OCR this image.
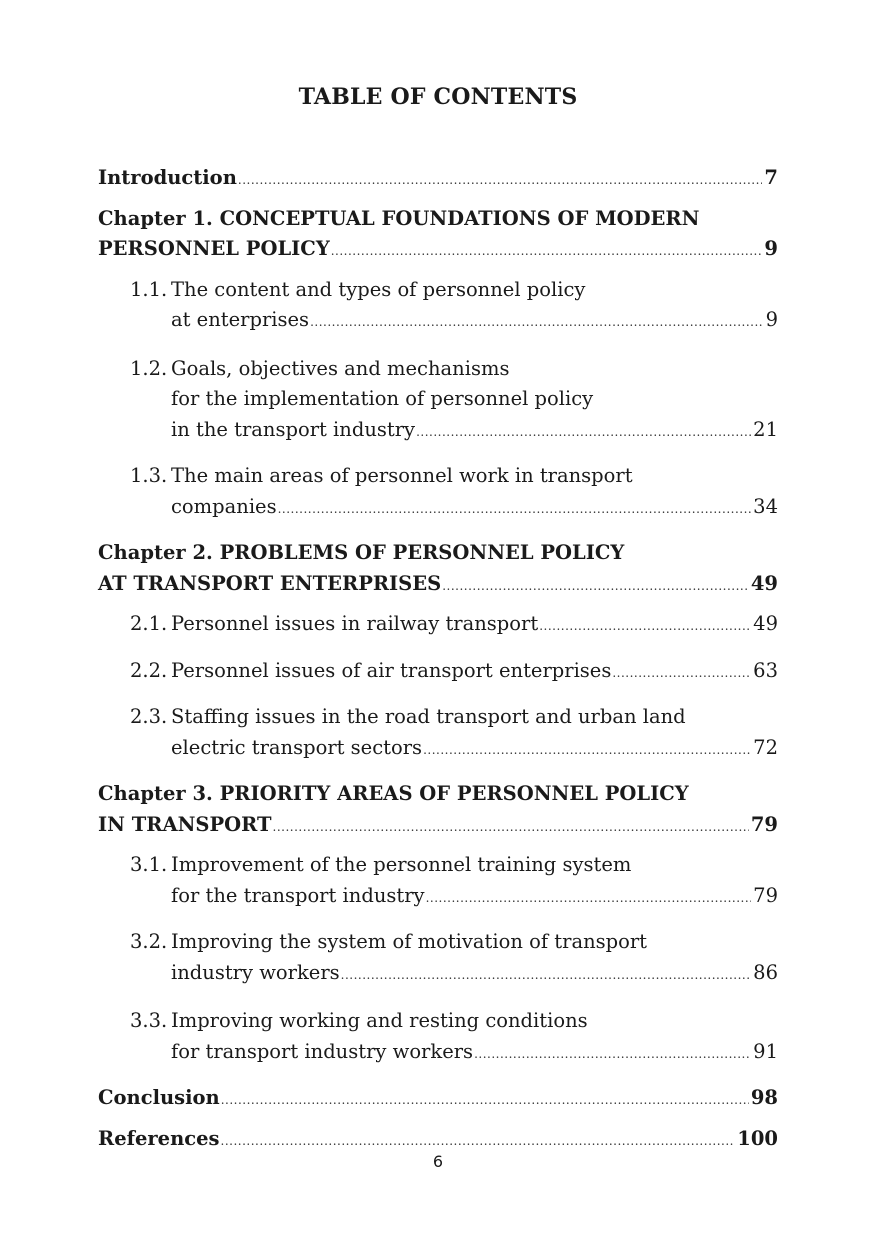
TABLE OF CONTENTS
Introduction .....	7
Chapter 1. CONCEPTUAL FOUNDATIONS OF MODERN
PERSONNEL POLICY .....	9
1.1. The content and types of personnel policy
at enterprises .....	9
1.2. Goals, objectives and mechanisms
for the implementation of personnel policy
in the transport industry .....	21
1.3. The main areas of personnel work in transport
companies .....	34
Chapter 2. PROBLEMS OF PERSONNEL POLICY
AT TRANSPORT ENTERPRISES .....	49
2.1. Personnel issues in railway transport .....	49
2.2. Personnel issues of air transport enterprises .....	63
2.3. Staffing issues in the road transport and urban land
electric transport sectors .....	72
Chapter 3. PRIORITY AREAS OF PERSONNEL POLICY
IN TRANSPORT .....	79
3.1. Improvement of the personnel training system
for the transport industry .....	79
3.2. Improving the system of motivation of transport
industry workers .....	86
3.3. Improving working and resting conditions
for transport industry workers .....	91
Conclusion .....	98
References .....	100
6
